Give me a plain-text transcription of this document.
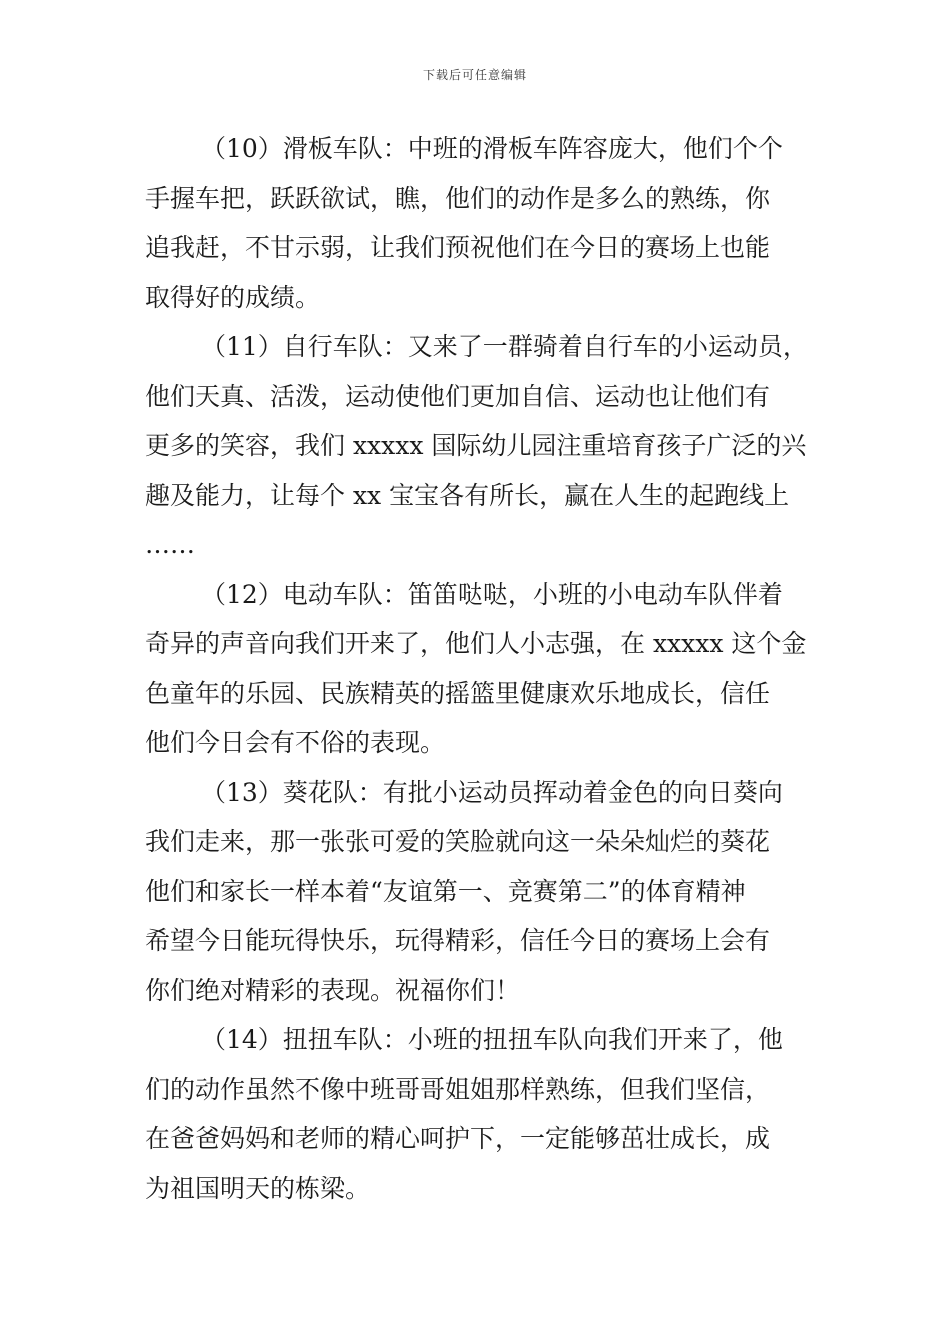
下载后可任意编辑
（10）滑板车队：中班的滑板车阵容庞大，他们个个
手握车把，跃跃欲试，瞧，他们的动作是多么的熟练，你
追我赶，不甘示弱，让我们预祝他们在今日的赛场上也能
取得好的成绩。
（11）自行车队：又来了一群骑着自行车的小运动员，
他们天真、活泼，运动使他们更加自信、运动也让他们有
更多的笑容，我们 xxxxx 国际幼儿园注重培育孩子广泛的兴
趣及能力，让每个 xx 宝宝各有所长，赢在人生的起跑线上
……
（12）电动车队：笛笛哒哒，小班的小电动车队伴着
奇异的声音向我们开来了，他们人小志强，在 xxxxx 这个金
色童年的乐园、民族精英的摇篮里健康欢乐地成长，信任
他们今日会有不俗的表现。
（13）葵花队：有批小运动员挥动着金色的向日葵向
我们走来，那一张张可爱的笑脸就向这一朵朵灿烂的葵花
他们和家长一样本着“友谊第一、竞赛第二”的体育精神
希望今日能玩得快乐，玩得精彩，信任今日的赛场上会有
你们绝对精彩的表现。祝福你们！
（14）扭扭车队：小班的扭扭车队向我们开来了，他
们的动作虽然不像中班哥哥姐姐那样熟练，但我们坚信，
在爸爸妈妈和老师的精心呵护下，一定能够茁壮成长，成
为祖国明天的栋梁。
